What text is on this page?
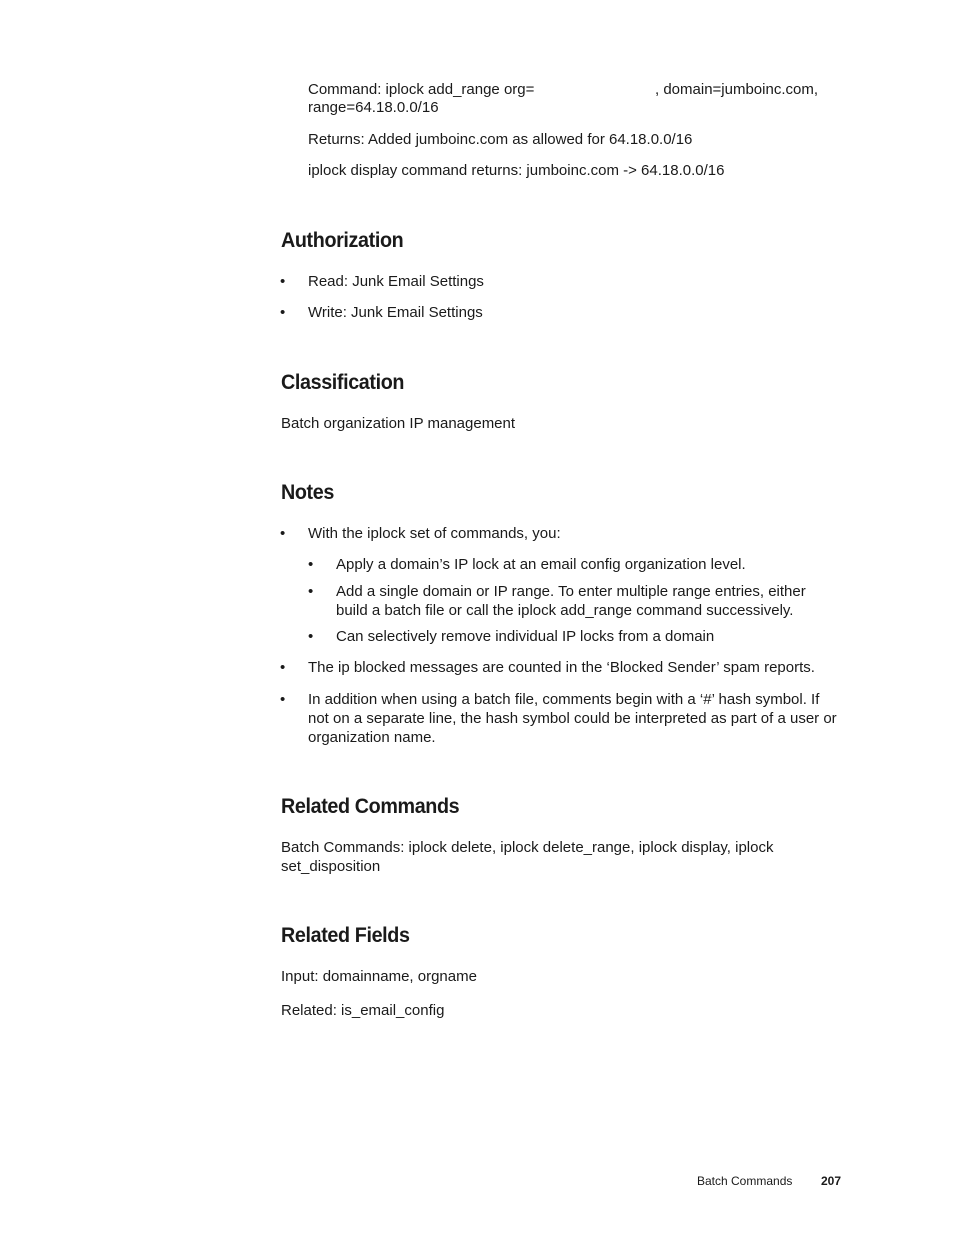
Command: iplock add_range org=	, domain=jumboinc.com,

range=64.18.0.0/16

Returns: Added jumboinc.com as allowed for 64.18.0.0/16

iplock display command returns: jumboinc.com -> 64.18.0.0/16

Authorization
• Read: Junk Email Settings
• Write: Junk Email Settings
Classification

Batch organization IP management

Notes
• With the iplock set of commands, you:
• Apply a domain’s IP lock at an email config organization level.
• Add a single domain or IP range. To enter multiple range entries, either build a batch file or call the iplock add_range command successively.
• Can selectively remove individual IP locks from a domain
• The ip blocked messages are counted in the ‘Blocked Sender’ spam reports.
• In addition when using a batch file, comments begin with a ‘#’ hash symbol. If not on a separate line, the hash symbol could be interpreted as part of a user or organization name.
Related Commands

Batch Commands: iplock delete, iplock delete_range, iplock display, iplock set_disposition

Related Fields

Input: domainname, orgname

Related: is_email_config

Batch Commands 207
